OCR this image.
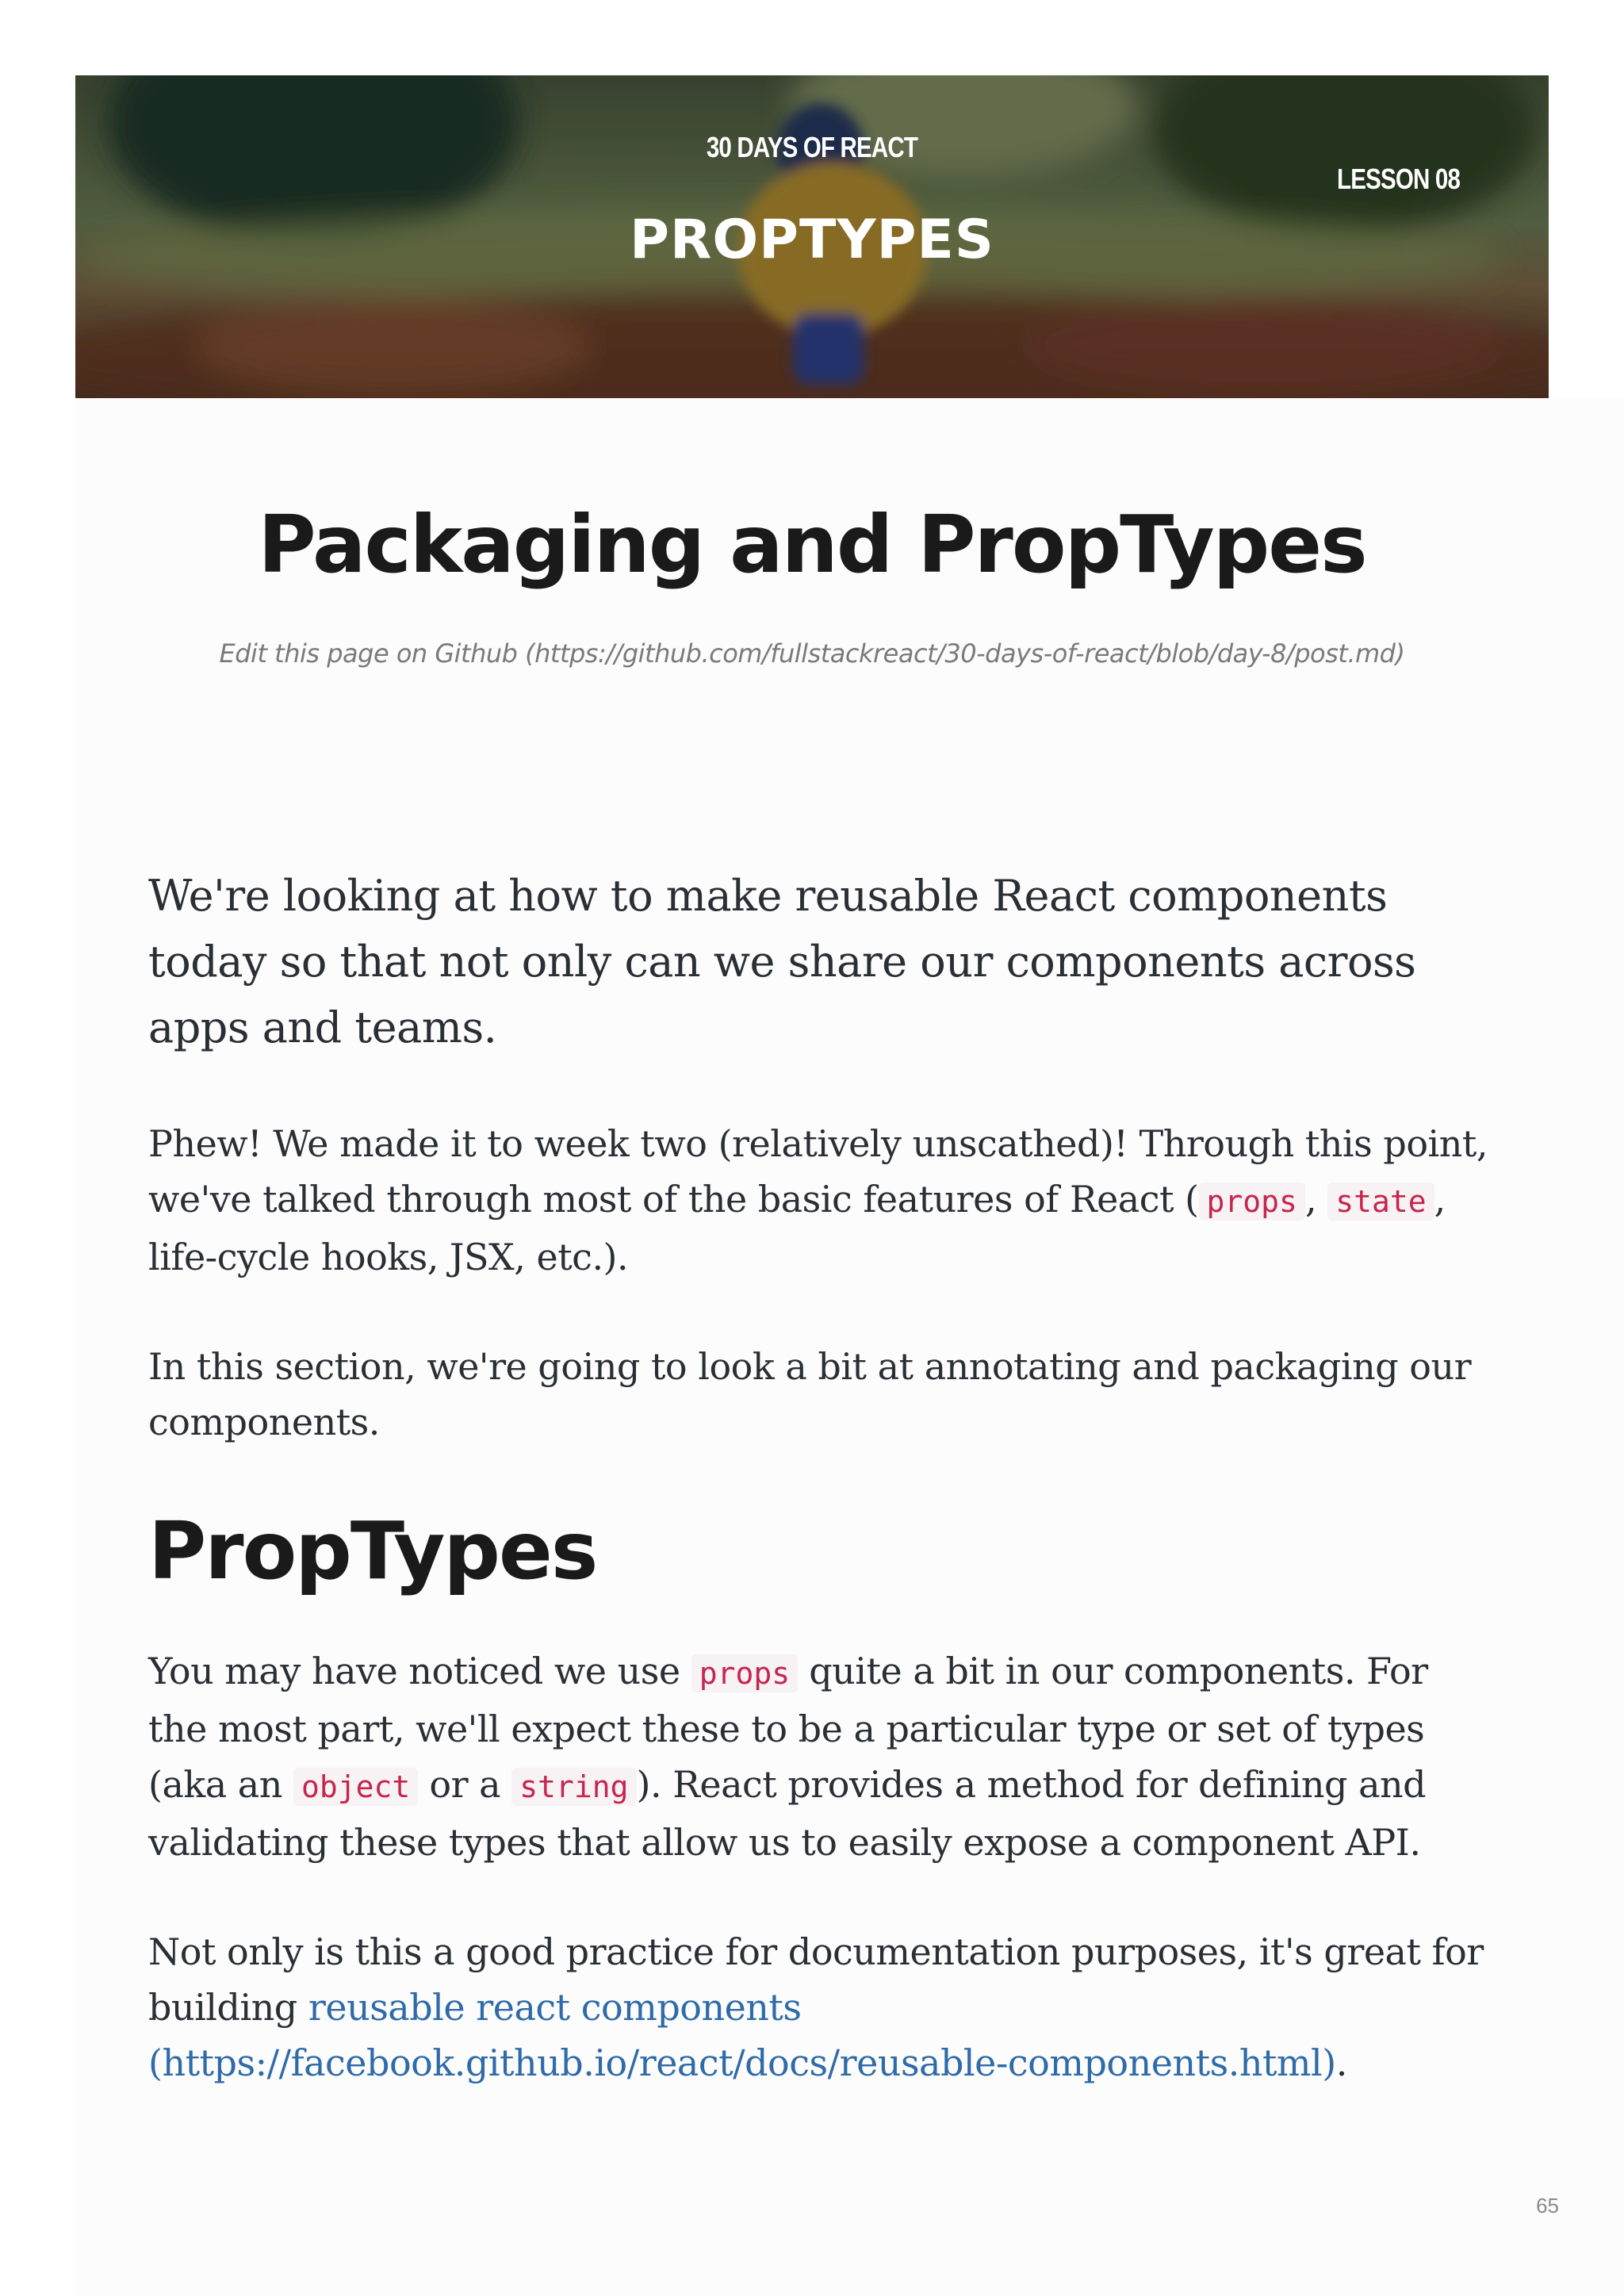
30 DAYS OF REACT
PROPTYPES
LESSON 08
Packaging and PropTypes
Edit this page on Github (https://github.com/fullstackreact/30-days-of-react/blob/day-8/post.md)

We're looking at how to make reusable React components today so that not only can we share our components across apps and teams.

Phew! We made it to week two (relatively unscathed)! Through this point, we've talked through most of the basic features of React ( props , state , life-cycle hooks, JSX, etc.).

In this section, we're going to look a bit at annotating and packaging our components.

PropTypes

You may have noticed we use props quite a bit in our components. For the most part, we'll expect these to be a particular type or set of types (aka an object or a string ). React provides a method for defining and validating these types that allow us to easily expose a component API.

Not only is this a good practice for documentation purposes, it's great for building reusable react components (https://facebook.github.io/react/docs/reusable-components.html).

65
